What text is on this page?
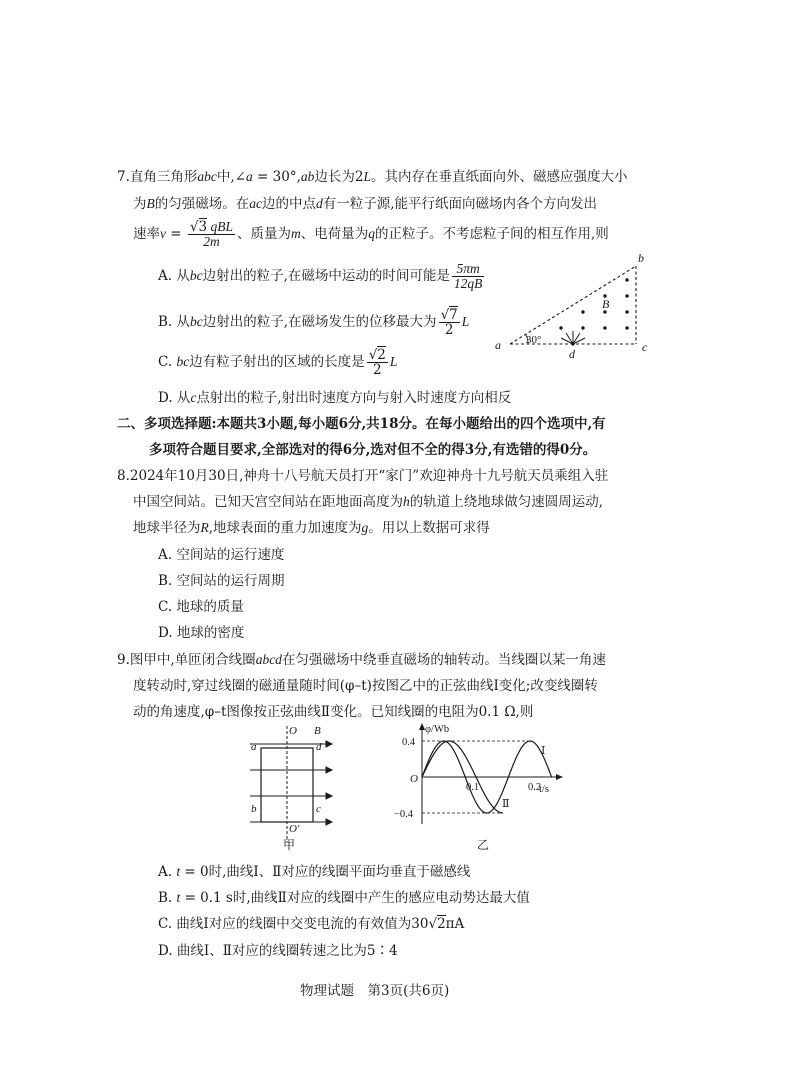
7.直角三角形abc中,∠a = 30°,ab边长为2L。其内存在垂直纸面向外、磁感应强度大小
为B的匀强磁场。在ac边的中点d有一粒子源,能平行纸面向磁场内各个方向发出
速率$v = \frac{\text{√3 qBL}}{2m}$ 、质量为m、电荷量为q的正粒子。不考虑粒子间的相互作用,则
A. 从bc边射出的粒子,在磁场中运动的时间可能是 $\frac{5\pi m}{12qB}$
B. 从bc边射出的粒子,在磁场发生的位移最大为 $\frac{√7}{2}$ L
C. bc边有粒子射出的区域的长度是 $\frac{√2}{2}$ L
D. 从c点射出的粒子,射出时速度方向与射入时速度方向相反
a
b
c
d
B
30°
二、多项选择题:本题共3小题,每小题6分,共18分。在每小题给出的四个选项中,有
多项符合题目要求,全部选对的得6分,选对但不全的得3分,有选错的得0分。
8.2024年10月30日,神舟十八号航天员打开“家门”欢迎神舟十九号航天员乘组入驻
中国空间站。已知天宫空间站在距地面高度为h的轨道上绕地球做匀速圆周运动,
地球半径为R,地球表面的重力加速度为g。用以上数据可求得
A. 空间站的运行速度
B. 空间站的运行周期
C. 地球的质量
D. 地球的密度
9.图甲中,单匝闭合线圈abcd在匀强磁场中绕垂直磁场的轴转动。当线圈以某一角速
度转动时,穿过线圈的磁通量随时间(φ–t)按图乙中的正弦曲线Ⅰ变化;改变线圈转
动的角速度,φ–t图像按正弦曲线Ⅱ变化。已知线圈的电阻为0.1 Ω,则
O B
a	d
b	c
O′
甲
φ/Wb
t/s
O
0.4
−0.4
0.1	0.2
Ⅰ
Ⅱ
乙
A. t = 0时,曲线Ⅰ、Ⅱ对应的线圈平面均垂直于磁感线
B. t = 0.1 s时,曲线Ⅱ对应的线圈中产生的感应电动势达最大值
C. 曲线Ⅰ对应的线圈中交变电流的有效值为30√2πA
D. 曲线Ⅰ、Ⅱ对应的线圈转速之比为5∶4
物理试题　第3页(共6页)
